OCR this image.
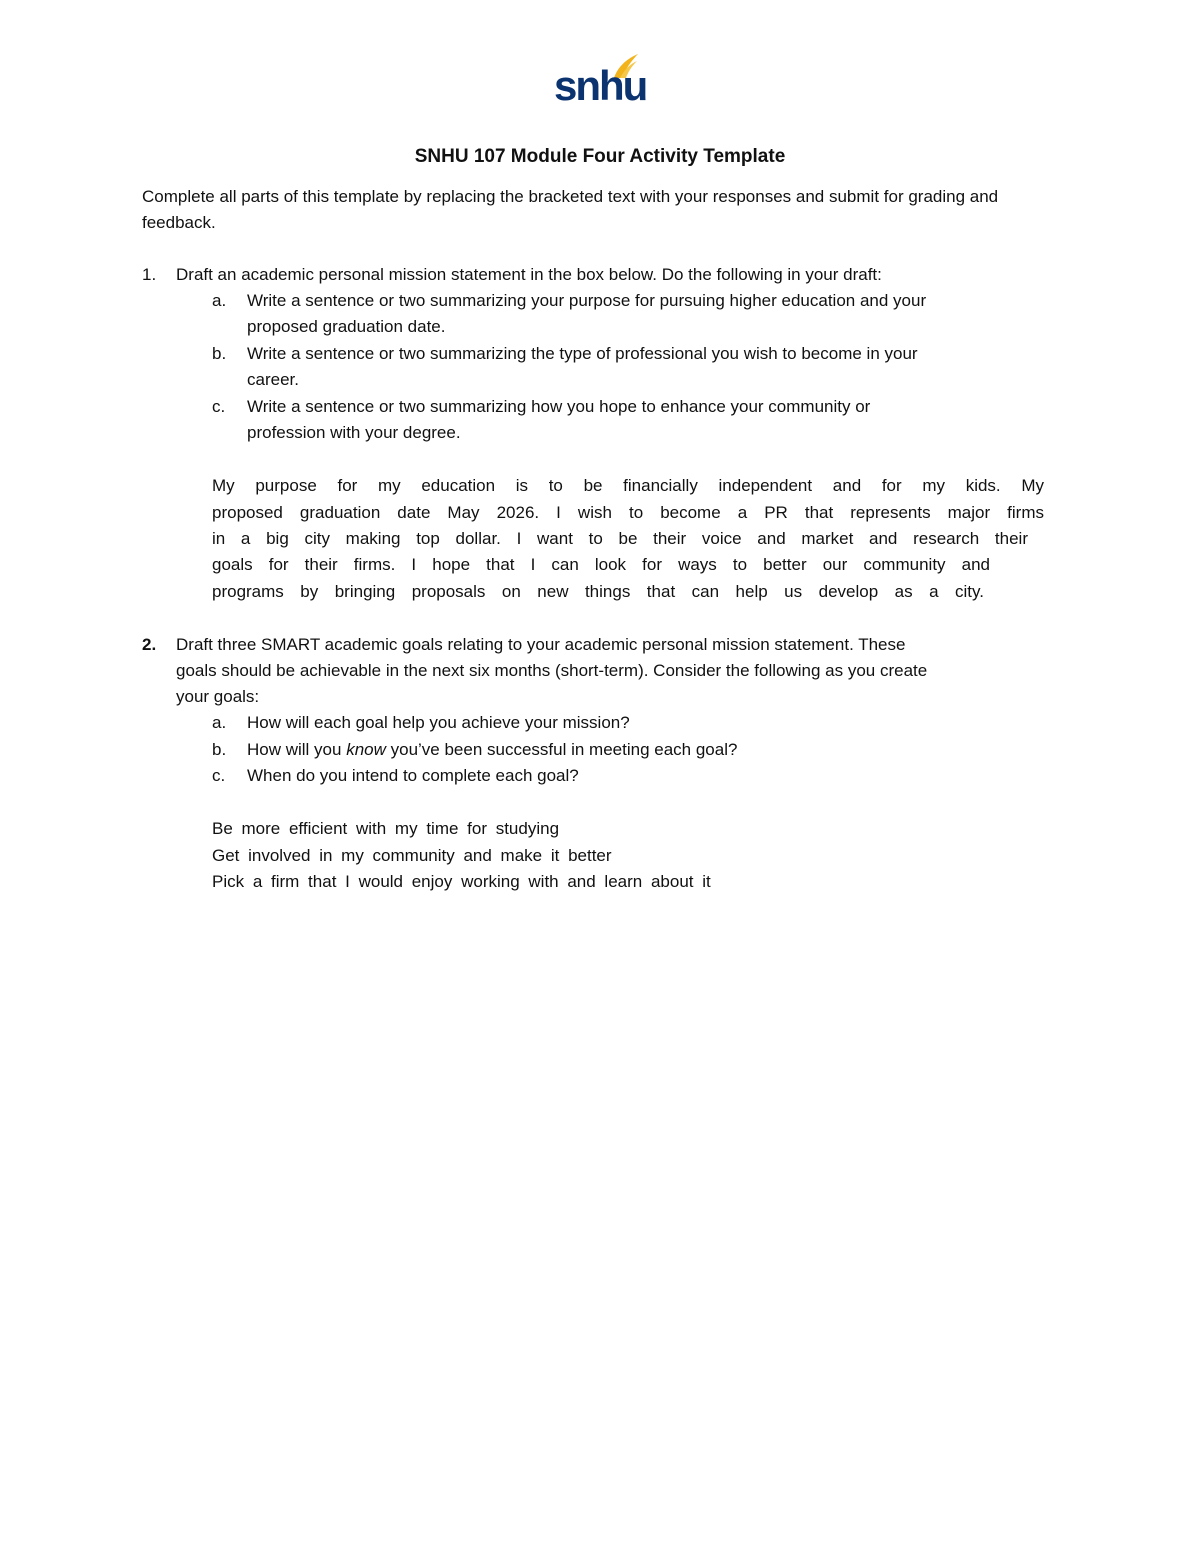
snhu
SNHU 107 Module Four Activity Template
Complete all parts of this template by replacing the bracketed text with your responses and submit for grading and feedback.
1. Draft an academic personal mission statement in the box below. Do the following in your draft:
a. Write a sentence or two summarizing your purpose for pursuing higher education and your
proposed graduation date.
b. Write a sentence or two summarizing the type of professional you wish to become in your
career.
c. Write a sentence or two summarizing how you hope to enhance your community or
profession with your degree.
My purpose for my education is to be financially independent and for my kids. My
proposed graduation date May 2026. I wish to become a PR that represents major firms
in a big city making top dollar. I want to be their voice and market and research their
goals for their firms. I hope that I can look for ways to better our community and
programs by bringing proposals on new things that can help us develop as a city.
2. Draft three SMART academic goals relating to your academic personal mission statement. These
goals should be achievable in the next six months (short-term). Consider the following as you create
your goals:
a. How will each goal help you achieve your mission?
b. How will you know you’ve been successful in meeting each goal?
c. When do you intend to complete each goal?
Be more efficient with my time for studying
Get involved in my community and make it better
Pick a firm that I would enjoy working with and learn about it
